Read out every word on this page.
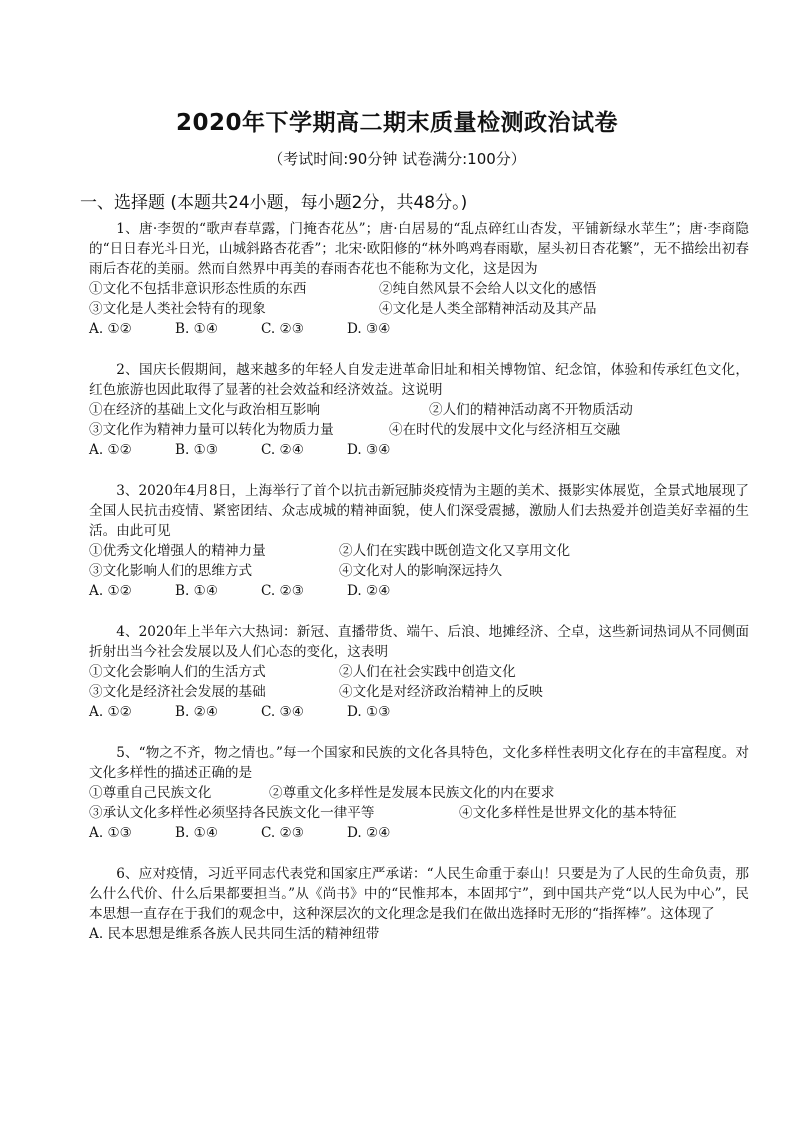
2020年下学期高二期末质量检测政治试卷
（考试时间:90分钟 试卷满分:100分）
一、选择题 (本题共24小题，每小题2分，共48分。)

1、唐·李贺的“歌声春草露，门掩杏花丛”；唐·白居易的“乱点碎红山杏发，平铺新绿水苹生”；唐·李商隐的“日日春光斗日光，山城斜路杏花香”；北宋·欧阳修的“林外鸣鸡春雨歇，屋头初日杏花繁”，无不描绘出初春雨后杏花的美丽。然而自然界中再美的春雨杏花也不能称为文化，这是因为

①文化不包括非意识形态性质的东西	②纯自然风景不会给人以文化的感悟
③文化是人类社会特有的现象	④文化是人类全部精神活动及其产品
A. ①②	B. ①④	C. ②③	D. ③④

2、国庆长假期间，越来越多的年轻人自发走进革命旧址和相关博物馆、纪念馆，体验和传承红色文化，红色旅游也因此取得了显著的社会效益和经济效益。这说明

①在经济的基础上文化与政治相互影响	②人们的精神活动离不开物质活动
③文化作为精神力量可以转化为物质力量	④在时代的发展中文化与经济相互交融
A. ①②	B. ①③	C. ②④	D. ③④

3、2020年4月8日，上海举行了首个以抗击新冠肺炎疫情为主题的美术、摄影实体展览，全景式地展现了全国人民抗击疫情、紧密团结、众志成城的精神面貌，使人们深受震撼，激励人们去热爱并创造美好幸福的生活。由此可见

①优秀文化增强人的精神力量	②人们在实践中既创造文化又享用文化
③文化影响人们的思维方式	④文化对人的影响深远持久
A. ①②	B. ①④	C. ②③	D. ②④

4、2020年上半年六大热词：新冠、直播带货、端午、后浪、地摊经济、仝卓，这些新词热词从不同侧面折射出当今社会发展以及人们心态的变化，这表明

①文化会影响人们的生活方式	②人们在社会实践中创造文化
③文化是经济社会发展的基础	④文化是对经济政治精神上的反映
A. ①②	B. ②④	C. ③④	D. ①③

5、“物之不齐，物之情也。”每一个国家和民族的文化各具特色，文化多样性表明文化存在的丰富程度。对文化多样性的描述正确的是

①尊重自己民族文化	②尊重文化多样性是发展本民族文化的内在要求
③承认文化多样性必须坚持各民族文化一律平等	④文化多样性是世界文化的基本特征
A. ①③	B. ①④	C. ②③	D. ②④

6、应对疫情，习近平同志代表党和国家庄严承诺：“人民生命重于泰山！只要是为了人民的生命负责，那么什么代价、什么后果都要担当。”从《尚书》中的“民惟邦本，本固邦宁”，到中国共产党“以人民为中心”，民本思想一直存在于我们的观念中，这种深层次的文化理念是我们在做出选择时无形的“指挥棒”。这体现了

A. 民本思想是维系各族人民共同生活的精神纽带
